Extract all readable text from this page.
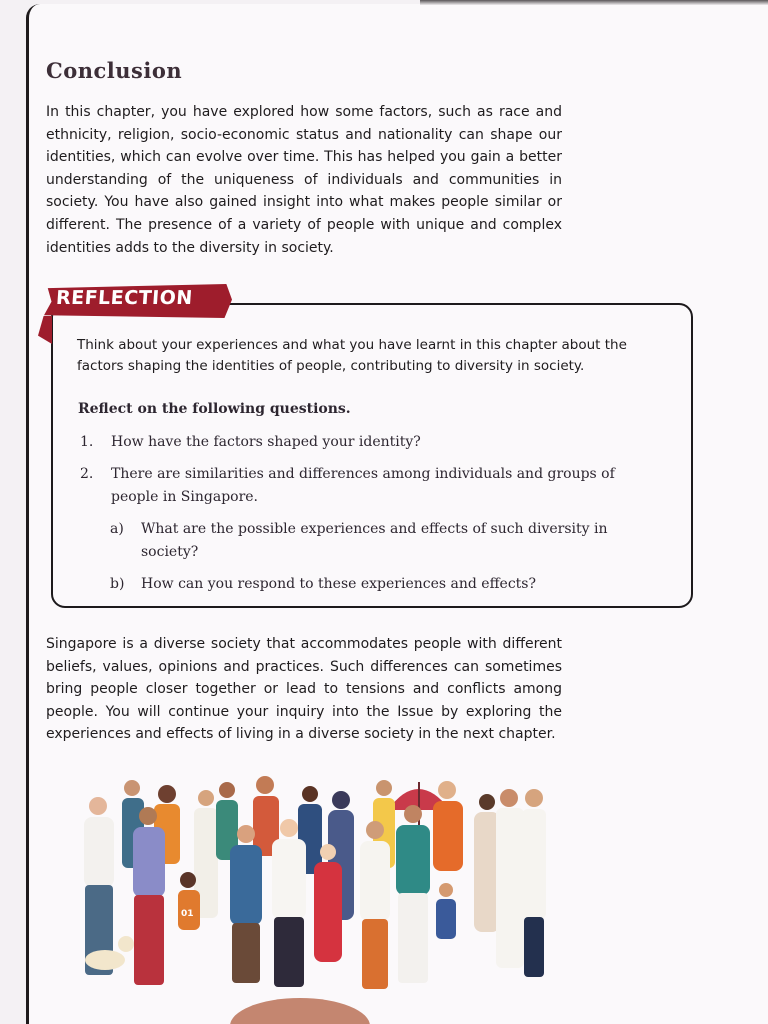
Conclusion
In this chapter, you have explored how some factors, such as race and ethnicity, religion, socio-economic status and nationality can shape our identities, which can evolve over time. This has helped you gain a better understanding of the uniqueness of individuals and communities in society. You have also gained insight into what makes people similar or different. The presence of a variety of people with unique and complex identities adds to the diversity in society.
REFLECTION
Think about your experiences and what you have learnt in this chapter about the factors shaping the identities of people, contributing to diversity in society.
Reflect on the following questions.
1. How have the factors shaped your identity?
2. There are similarities and differences among individuals and groups of people in Singapore.
a) What are the possible experiences and effects of such diversity in society?
b) How can you respond to these experiences and effects?
Singapore is a diverse society that accommodates people with different beliefs, values, opinions and practices. Such differences can sometimes bring people closer together or lead to tensions and conflicts among people. You will continue your inquiry into the Issue by exploring the experiences and effects of living in a diverse society in the next chapter.
01
